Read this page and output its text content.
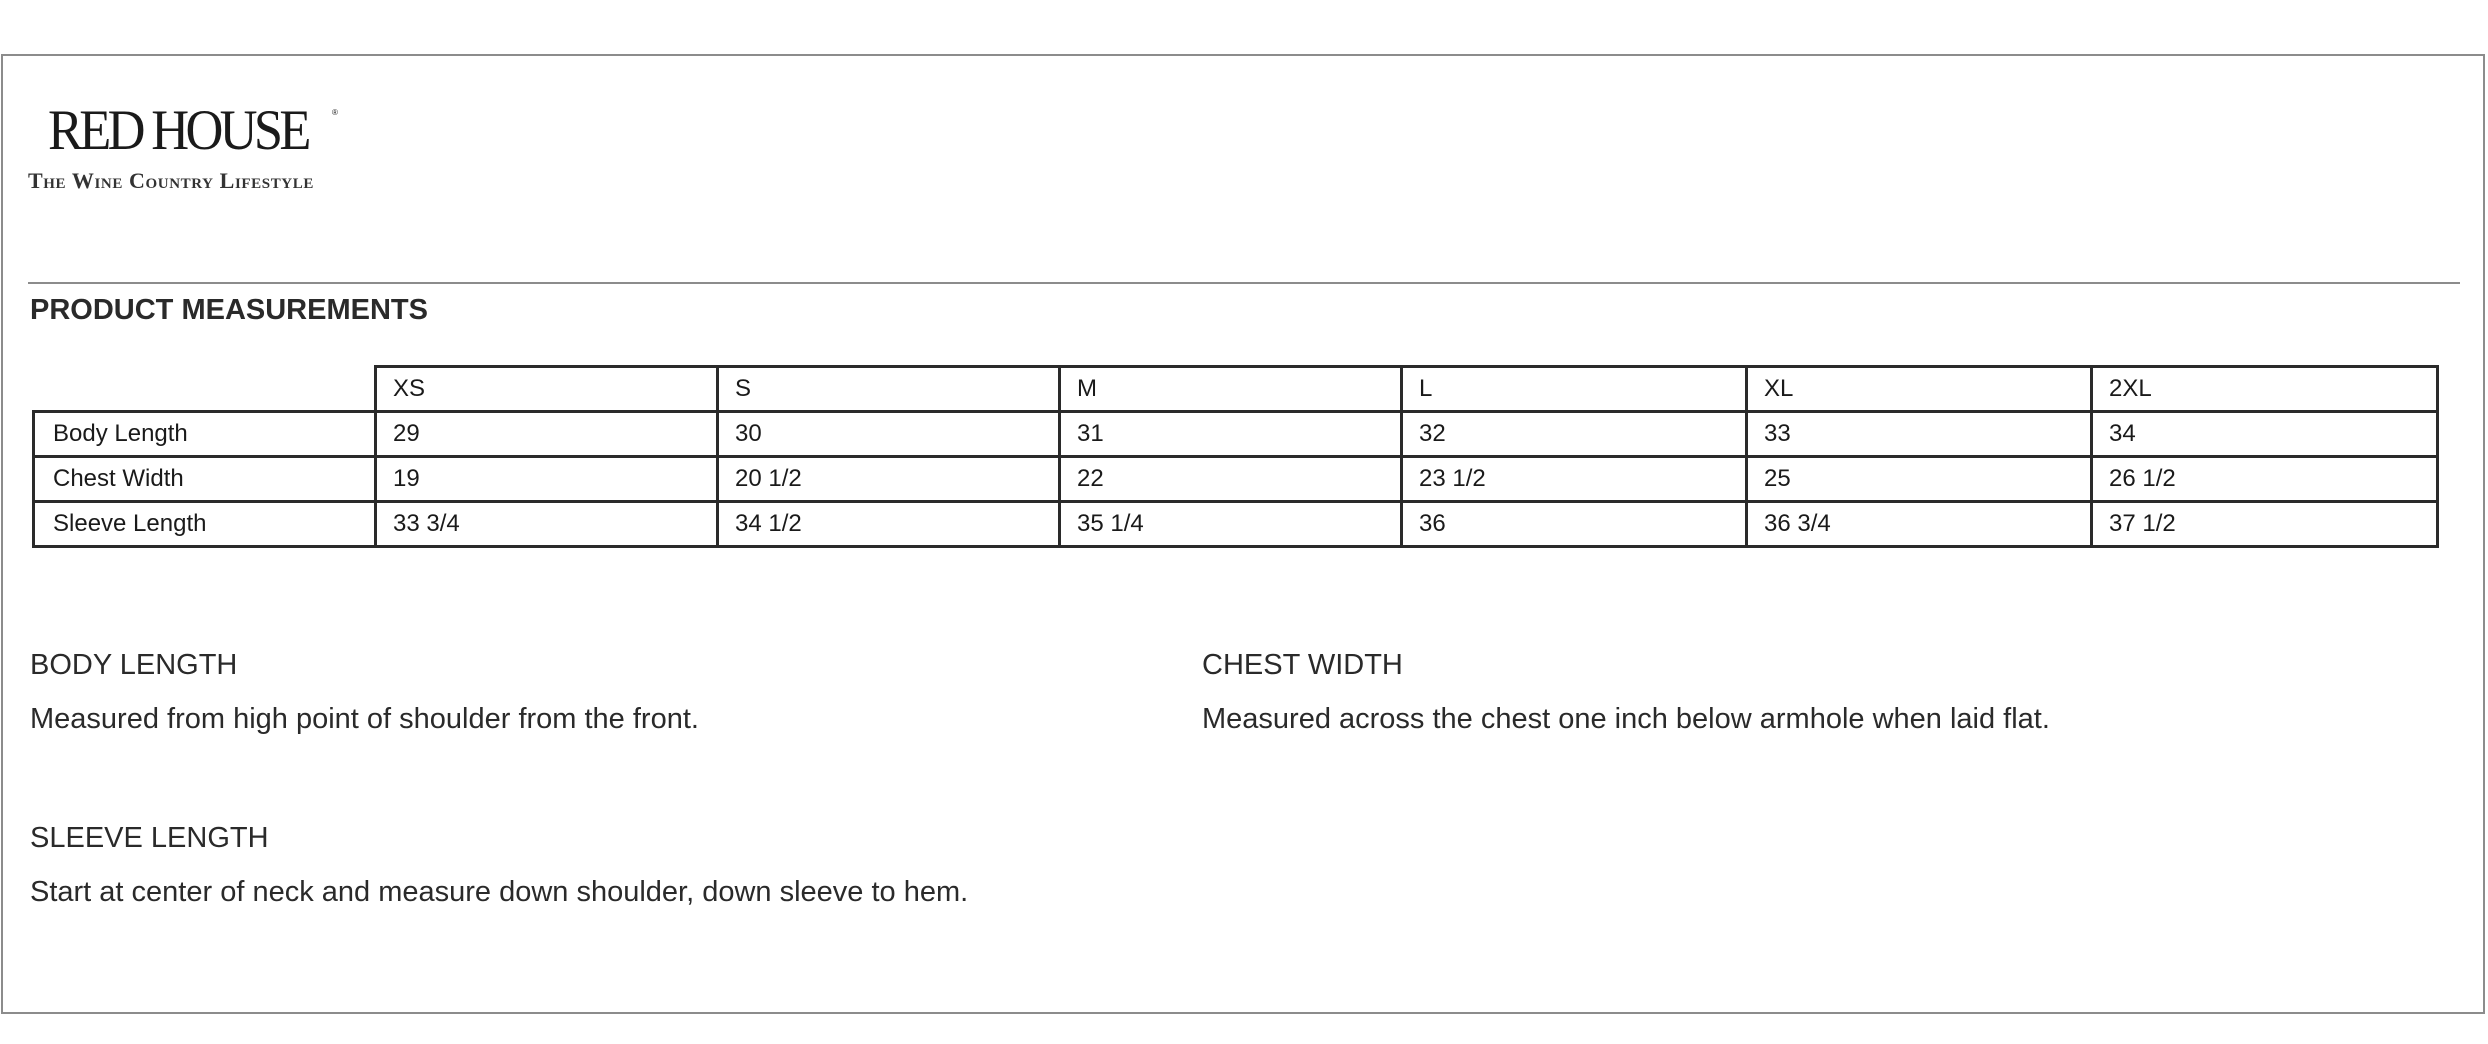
RED HOUSE	®
The Wine Country Lifestyle
PRODUCT MEASUREMENTS
	XS	S	M	L	XL	2XL
Body Length	29	30	31	32	33	34
Chest Width	19	20 1/2	22	23 1/2	25	26 1/2
Sleeve Length	33 3/4	34 1/2	35 1/4	36	36 3/4	37 1/2

BODY LENGTH

Measured from high point of shoulder from the front.

CHEST WIDTH

Measured across the chest one inch below armhole when laid flat.

SLEEVE LENGTH

Start at center of neck and measure down shoulder, down sleeve to hem.
